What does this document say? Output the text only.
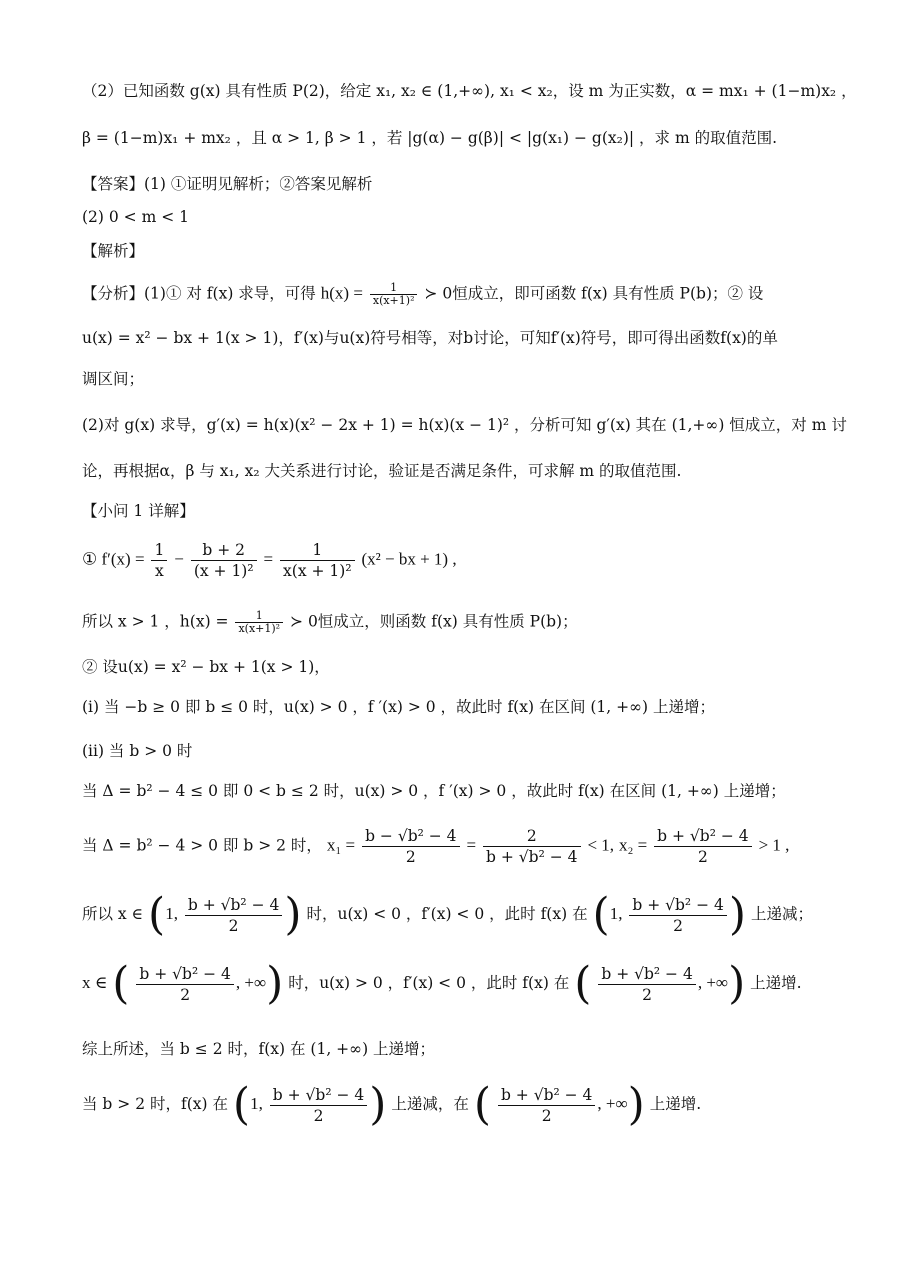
（2）已知函数 g(x) 具有性质 P(2)，给定 x₁, x₂ ∈ (1,+∞), x₁ < x₂，设 m 为正实数，α = mx₁ + (1−m)x₂ ，
β = (1−m)x₁ + mx₂ ，且 α > 1, β > 1 ，若 |g(α) − g(β)| < |g(x₁) − g(x₂)| ，求 m 的取值范围.
【答案】(1) ①证明见解析；②答案见解析
(2) 0 < m < 1
【解析】
【分析】(1)① 对 f(x) 求导，可得 $h(x) = \frac{1}{\text{x(x+1)²}}$ ≻ 0恒成立，即可函数 f(x) 具有性质 P(b)；② 设
u(x) = x² − bx + 1(x > 1)，f′(x)与u(x)符号相等，对b讨论，可知f′(x)符号，即可得出函数f(x)的单
调区间；
(2)对 g(x) 求导，g′(x) = h(x)(x² − 2x + 1) = h(x)(x − 1)² ，分析可知 g′(x) 其在 (1,+∞) 恒成立，对 m 讨
论，再根据α，β 与 x₁, x₂ 大关系进行讨论，验证是否满足条件，可求解 m 的取值范围.
【小问 1 详解】
① $f'(x) = \frac{1}{x} - \frac{b + 2}{\text{(x + 1)²}} = \frac{1}{\text{x(x + 1)²}} (x^2$ − bx + 1) ,
所以 x > 1 ，$h(x) = \frac{1}{\text{x(x+1)²}}$ ≻ 0恒成立，则函数 f(x) 具有性质 P(b)；
② 设u(x) = x² − bx + 1(x > 1)，
(i) 当 −b ≥ 0 即 b ≤ 0 时，u(x) > 0 ，f ′(x) > 0 ，故此时 f(x) 在区间 (1, +∞) 上递增；
(ii) 当 b > 0 时
当 Δ = b² − 4 ≤ 0 即 0 < b ≤ 2 时，u(x) > 0 ，f ′(x) > 0 ，故此时 f(x) 在区间 (1, +∞) 上递增；
当 Δ = b² − 4 > 0 即 b > 2 时， $x_1 = \frac{\text{b − √b² − 4}}{2} = \frac{2}{\text{b + √b² − 4}} < 1$, $x_2 = \frac{\text{b + √b² − 4}}{2} > 1$ ,
所以 x ∈ (1, $\frac{\text{b + √b² − 4}}{2}$ ) 时，u(x) < 0 ，f′(x) < 0 ，此时 f(x) 在 (1, $\frac{\text{b + √b² − 4}}{2}$ ) 上递减；
x ∈ ( $\frac{\text{b + √b² − 4}}{2}$ , +∞) 时，u(x) > 0 ，f′(x) < 0 ，此时 f(x) 在 ( $\frac{\text{b + √b² − 4}}{2}$ , +∞) 上递增.
综上所述，当 b ≤ 2 时，f(x) 在 (1, +∞) 上递增；
当 b > 2 时，f(x) 在 (1, $\frac{\text{b + √b² − 4}}{2}$ ) 上递减，在 ( $\frac{\text{b + √b² − 4}}{2}$ , +∞) 上递增.
